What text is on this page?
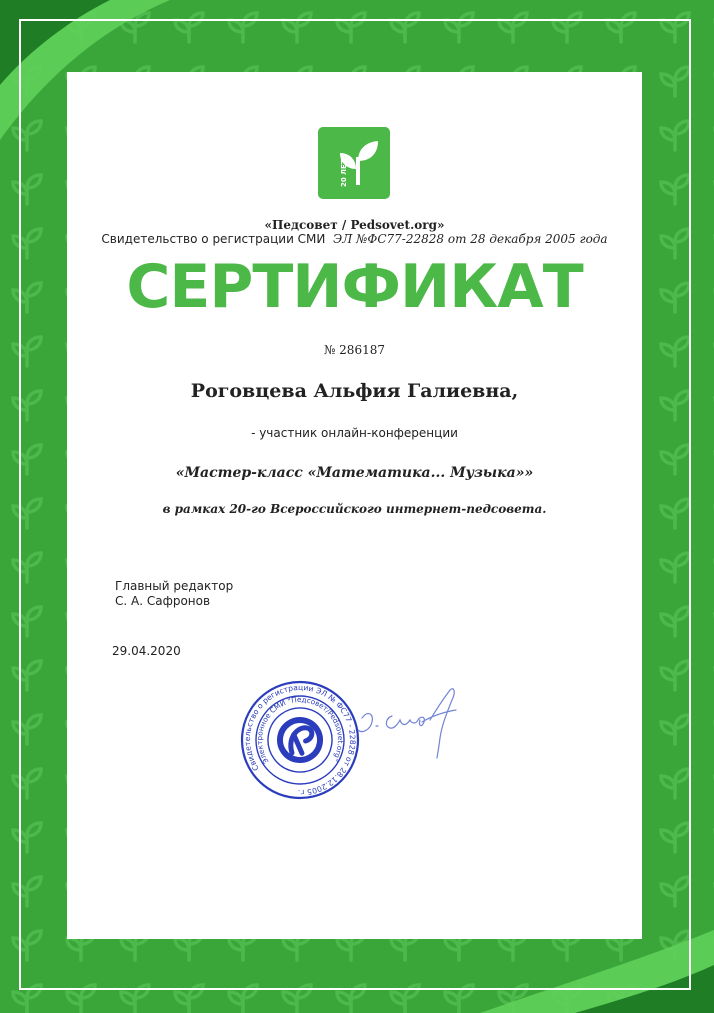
20 ЛЕТ
«Педсовет / Pedsovet.org»
Свидетельство о регистрации СМИ ЭЛ №ФС77-22828 от 28 декабря 2005 года
СЕРТИФИКАТ
№ 286187
Роговцева Альфия Галиевна,
- участник онлайн-конференции
«Мастер-класс «Математика... Музыка»»
в рамках 20-го Всероссийского интернет-педсовета.
Главный редактор
С. А. Сафронов
29.04.2020
Свидетельство о регистрации ЭЛ № ФС77 - 22828 от 28.12.2005 г.
Электронное СМИ "Педсовет/Pedsovet.org"
